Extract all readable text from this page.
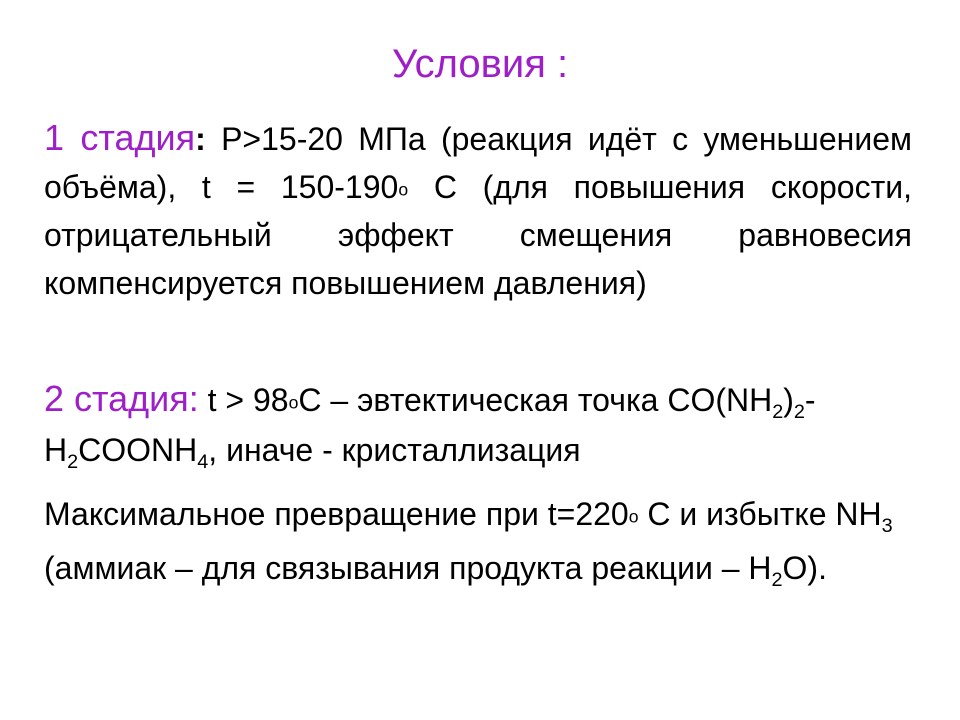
Условия :
1 стадия: Р>15-20 МПа (реакция идёт с уменьшением объёма), $t = 150-190^о$ С (для повышения скорости, отрицательный эффект смещения равновесия компенсируется повышением давления)
2 стадия: $t > 98^оС$ – эвтектическая точка $CO(NH_2)_2-H_2COONH_4$, иначе - кристаллизация
Максимальное превращение при $t=220^о$ С и избытке $NH_3$ (аммиак – для связывания продукта реакции – $H_2O$).
